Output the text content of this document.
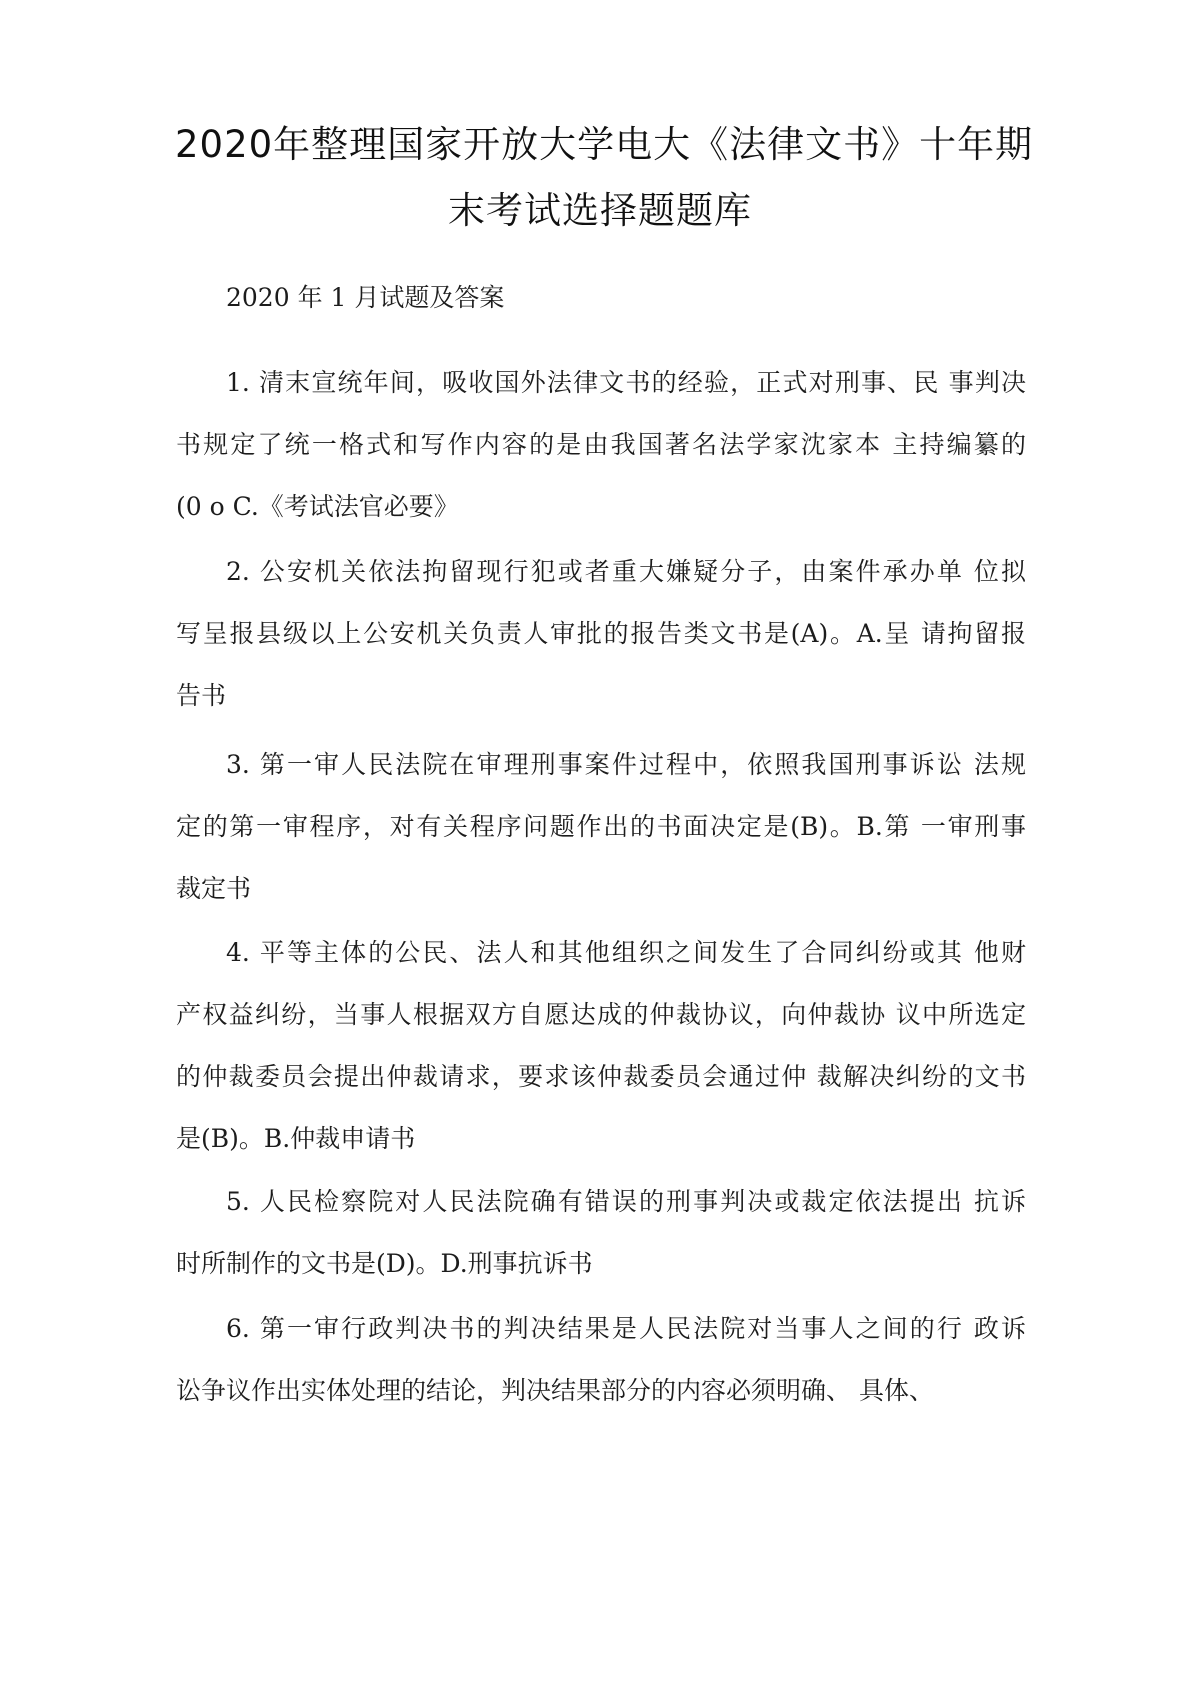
2020年整理国家开放大学电大《法律文书》十年期
末考试选择题题库
2020 年 1 月试题及答案
1. 清末宣统年间，吸收国外法律文书的经验，正式对刑事、民 事判决
书规定了统一格式和写作内容的是由我国著名法学家沈家本 主持编纂的
(0 o C.《考试法官必要》
2. 公安机关依法拘留现行犯或者重大嫌疑分子，由案件承办单 位拟
写呈报县级以上公安机关负责人审批的报告类文书是(A)。A.呈 请拘留报
告书
3. 第一审人民法院在审理刑事案件过程中，依照我国刑事诉讼 法规
定的第一审程序，对有关程序问题作出的书面决定是(B)。B.第 一审刑事
裁定书
4. 平等主体的公民、法人和其他组织之间发生了合同纠纷或其 他财
产权益纠纷，当事人根据双方自愿达成的仲裁协议，向仲裁协 议中所选定
的仲裁委员会提出仲裁请求，要求该仲裁委员会通过仲 裁解决纠纷的文书
是(B)。B.仲裁申请书
5. 人民检察院对人民法院确有错误的刑事判决或裁定依法提出 抗诉
时所制作的文书是(D)。D.刑事抗诉书
6. 第一审行政判决书的判决结果是人民法院对当事人之间的行 政诉
讼争议作出实体处理的结论，判决结果部分的内容必须明确、 具体、
